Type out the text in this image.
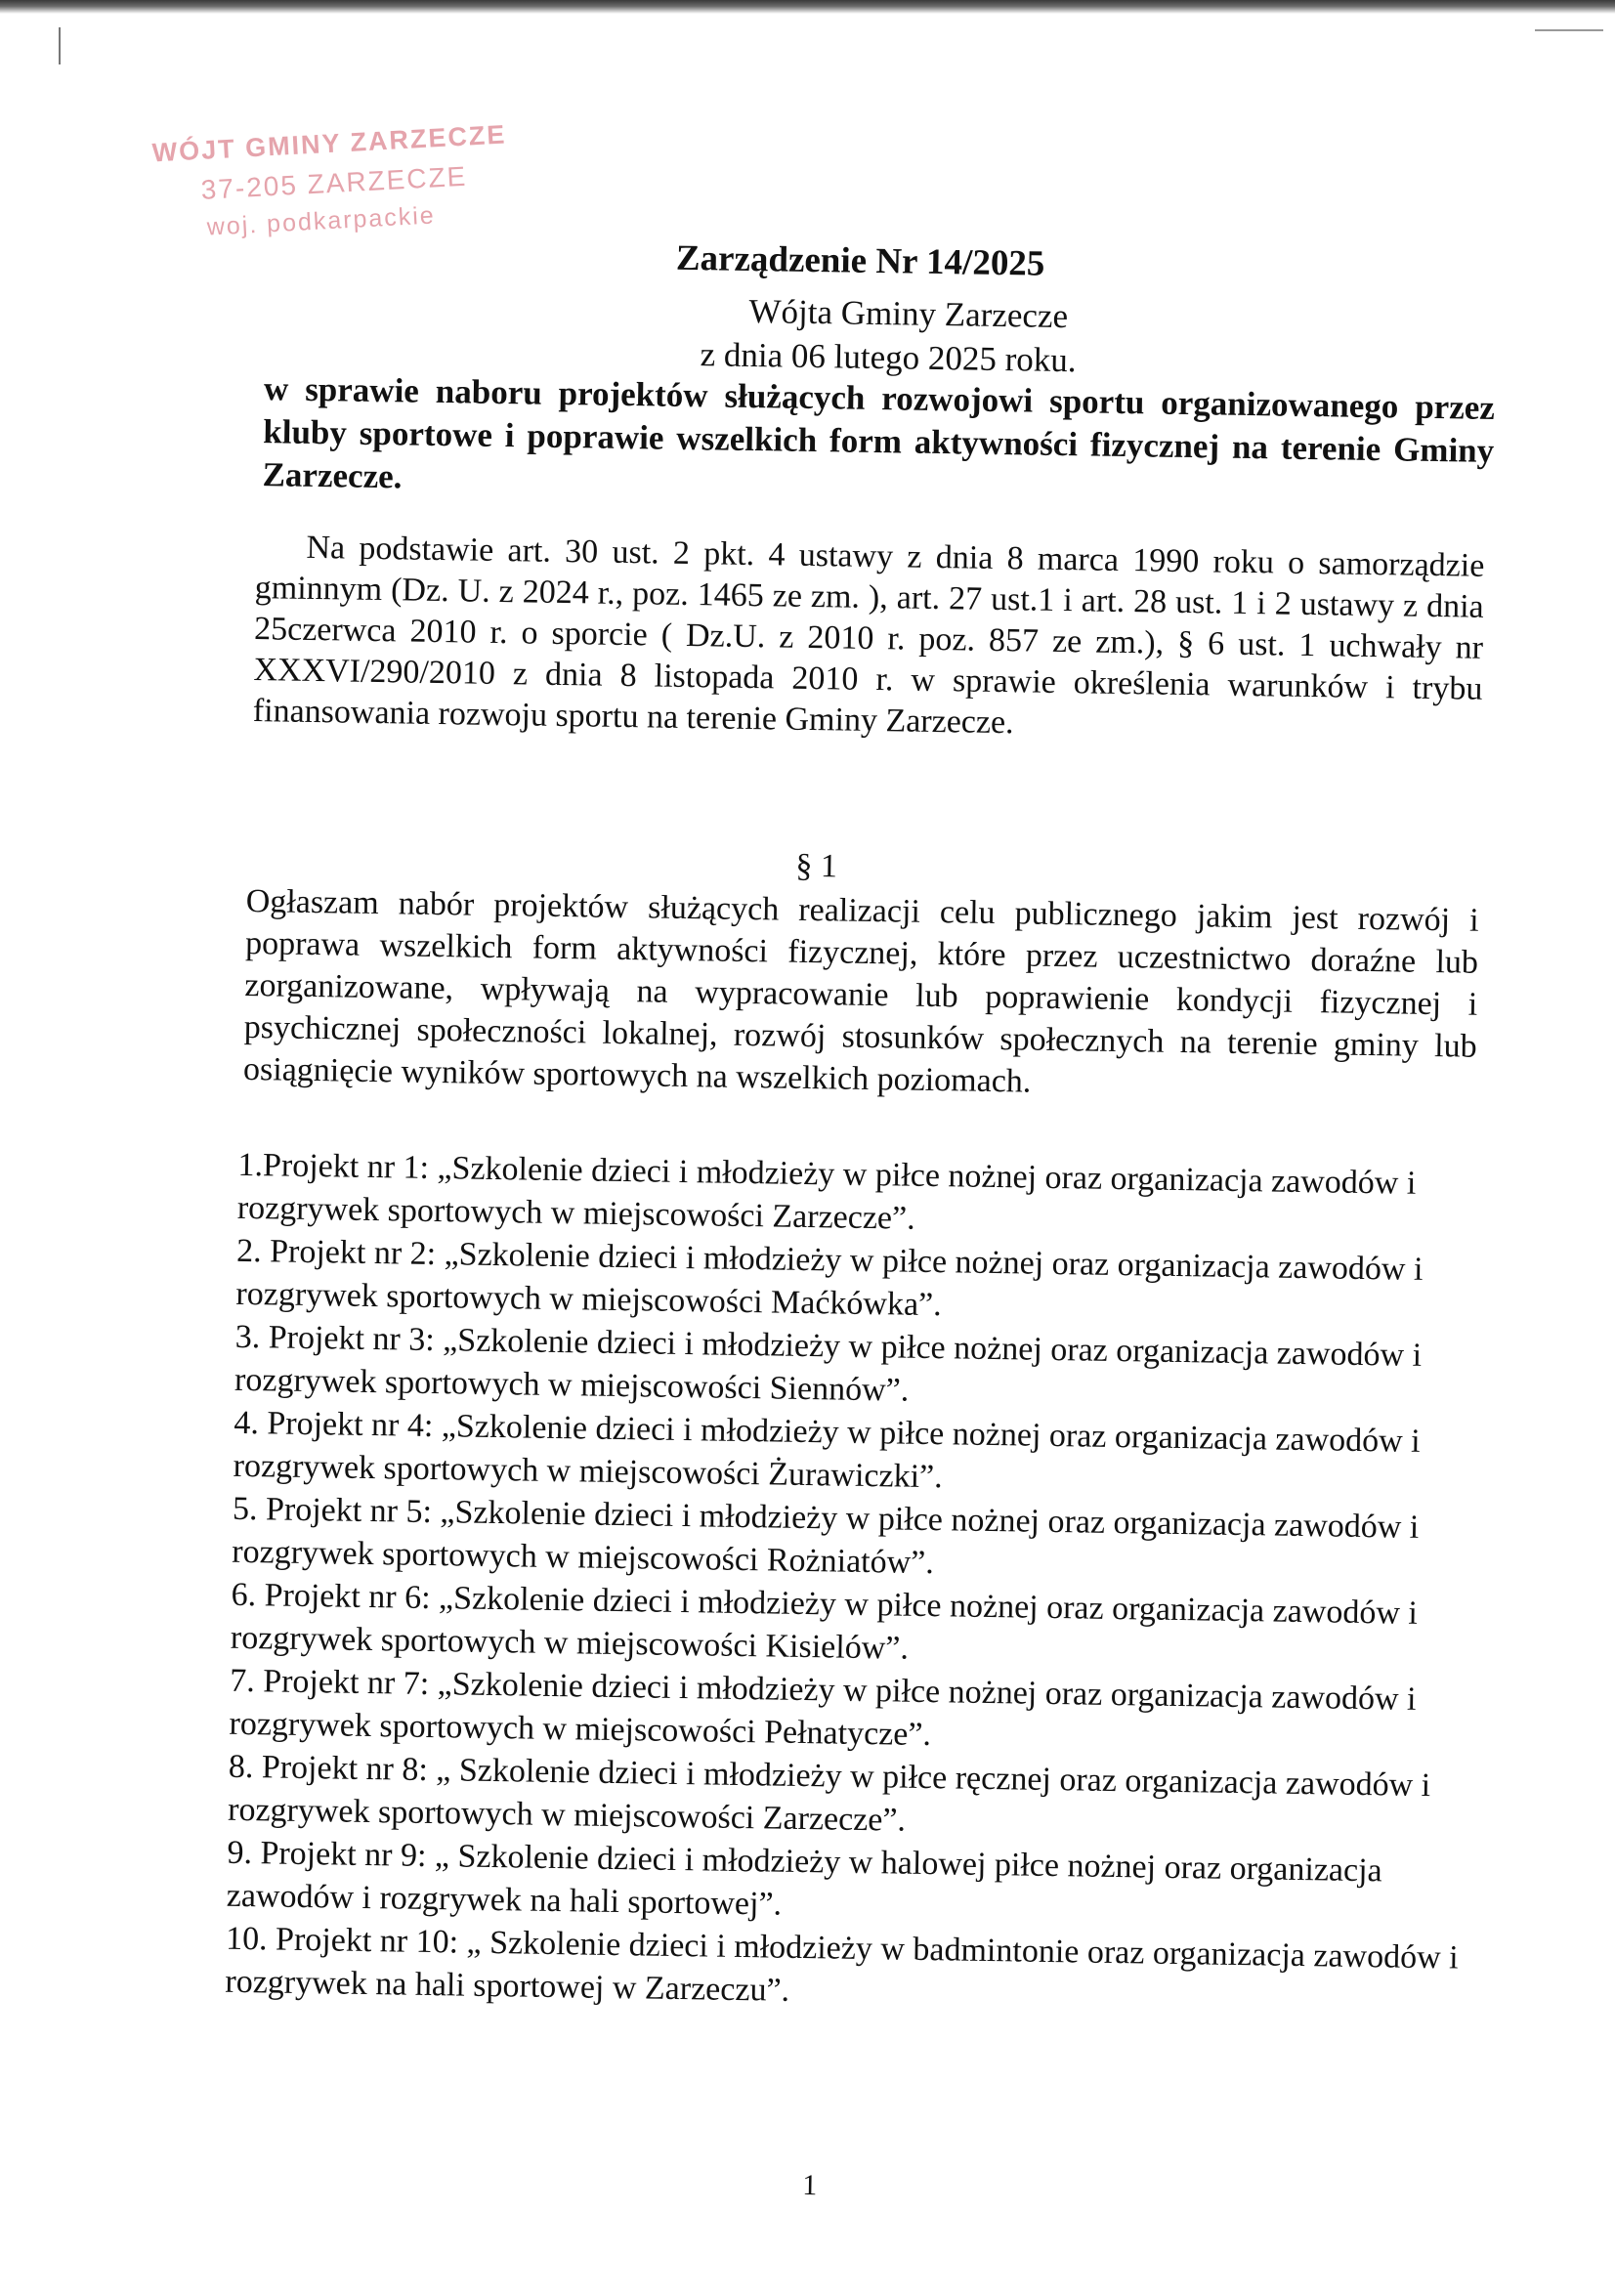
WÓJT GMINY ZARZECZE
37-205 ZARZECZE
woj. podkarpackie
Zarządzenie Nr 14/2025
Wójta Gminy Zarzecze
z dnia 06 lutego 2025 roku.
w sprawie naboru projektów służących rozwojowi sportu organizowanego przez kluby sportowe i poprawie wszelkich form aktywności fizycznej na terenie Gminy Zarzecze.
Na podstawie art. 30 ust. 2 pkt. 4 ustawy z dnia 8 marca 1990 roku o samorządzie gminnym (Dz. U. z 2024 r., poz. 1465 ze zm. ), art. 27 ust.1 i art. 28 ust. 1 i 2 ustawy z dnia 25czerwca 2010 r. o sporcie ( Dz.U. z 2010 r. poz. 857 ze zm.), § 6 ust. 1 uchwały nr XXXVI/290/2010 z dnia 8 listopada 2010 r. w sprawie określenia warunków i trybu finansowania rozwoju sportu na terenie Gminy Zarzecze.
§ 1
Ogłaszam nabór projektów służących realizacji celu publicznego jakim jest rozwój i poprawa wszelkich form aktywności fizycznej, które przez uczestnictwo doraźne lub zorganizowane, wpływają na wypracowanie lub poprawienie kondycji fizycznej i psychicznej społeczności lokalnej, rozwój stosunków społecznych na terenie gminy lub osiągnięcie wyników sportowych na wszelkich poziomach.
1.Projekt nr 1: „Szkolenie dzieci i młodzieży w piłce nożnej oraz organizacja zawodów i rozgrywek sportowych w miejscowości Zarzecze”.
2. Projekt nr 2: „Szkolenie dzieci i młodzieży w piłce nożnej oraz organizacja zawodów i rozgrywek sportowych w miejscowości Maćkówka”.
3. Projekt nr 3: „Szkolenie dzieci i młodzieży w piłce nożnej oraz organizacja zawodów i rozgrywek sportowych w miejscowości Siennów”.
4. Projekt nr 4: „Szkolenie dzieci i młodzieży w piłce nożnej oraz organizacja zawodów i rozgrywek sportowych w miejscowości Żurawiczki”.
5. Projekt nr 5: „Szkolenie dzieci i młodzieży w piłce nożnej oraz organizacja zawodów i rozgrywek sportowych w miejscowości Rożniatów”.
6. Projekt nr 6: „Szkolenie dzieci i młodzieży w piłce nożnej oraz organizacja zawodów i rozgrywek sportowych w miejscowości Kisielów”.
7. Projekt nr 7: „Szkolenie dzieci i młodzieży w piłce nożnej oraz organizacja zawodów i rozgrywek sportowych w miejscowości Pełnatycze”.
8. Projekt nr 8: „ Szkolenie dzieci i młodzieży w piłce ręcznej oraz organizacja zawodów i rozgrywek sportowych w miejscowości Zarzecze”.
9. Projekt nr 9: „ Szkolenie dzieci i młodzieży w halowej piłce nożnej oraz organizacja zawodów i rozgrywek na hali sportowej”.
10. Projekt nr 10: „ Szkolenie dzieci i młodzieży w badmintonie oraz organizacja zawodów i rozgrywek na hali sportowej w Zarzeczu”.
1
